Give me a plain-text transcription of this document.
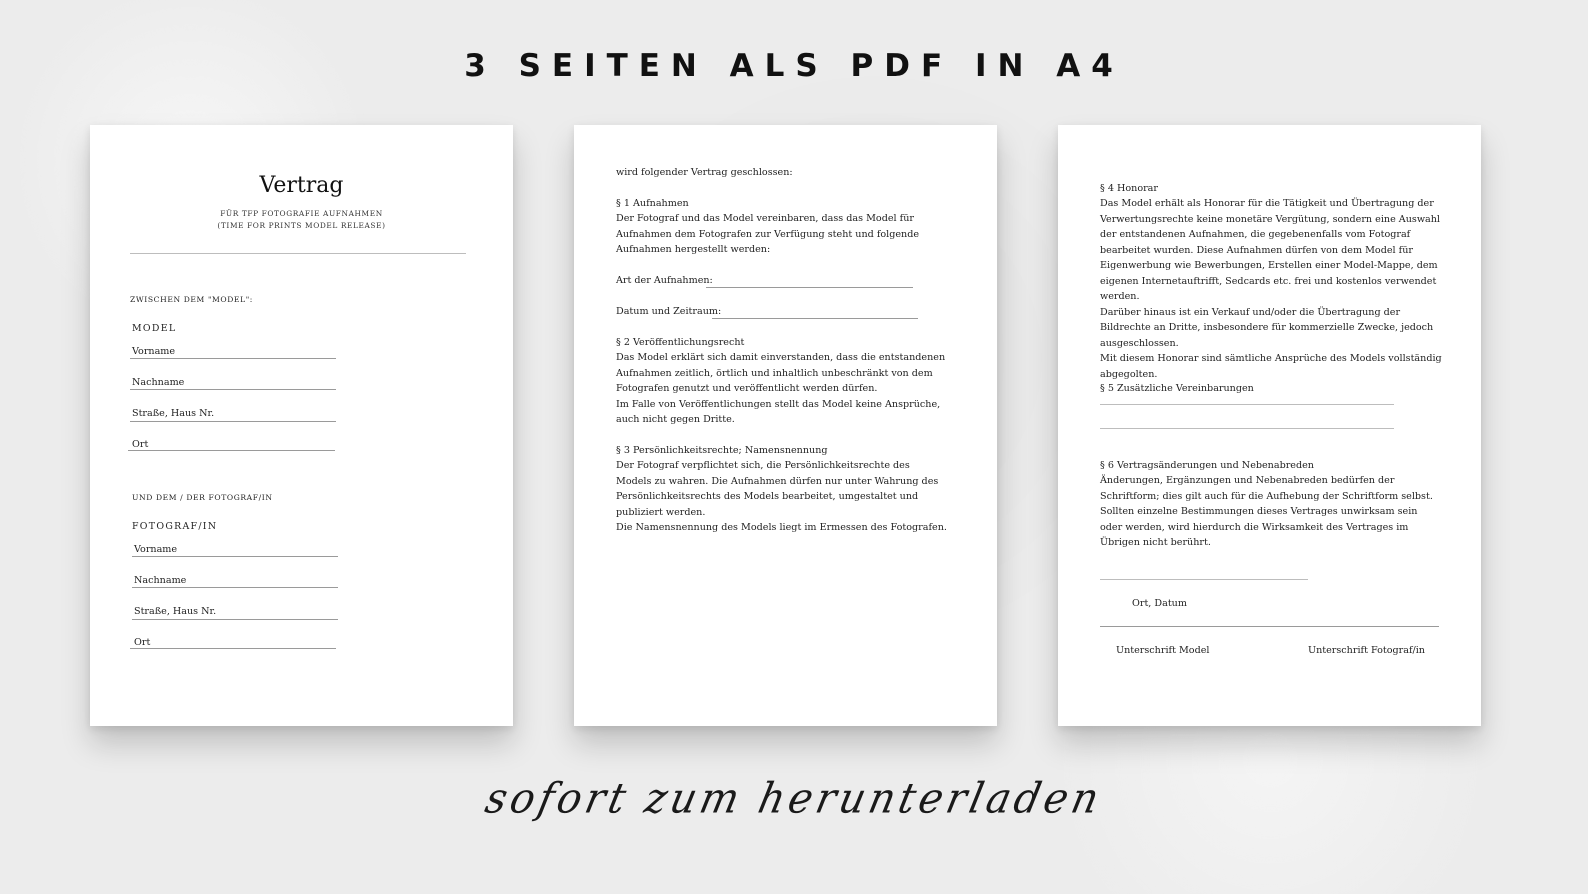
3 SEITEN ALS PDF IN A4
Vertrag
FÜR TFP FOTOGRAFIE AUFNAHMEN
(TIME FOR PRINTS MODEL RELEASE)
ZWISCHEN DEM "MODEL":
MODEL
Vorname
Nachname
Straße, Haus Nr.
Ort
UND DEM / DER FOTOGRAF/IN
FOTOGRAF/IN
Vorname
Nachname
Straße, Haus Nr.
Ort
wird folgender Vertrag geschlossen:
§ 1 Aufnahmen

Der Fotograf und das Model vereinbaren, dass das Model für Aufnahmen dem Fotografen zur Verfügung steht und folgende Aufnahmen hergestellt werden:

Art der Aufnahmen:
Datum und Zeitraum:
§ 2 Veröffentlichungsrecht

Das Model erklärt sich damit einverstanden, dass die entstandenen Aufnahmen zeitlich, örtlich und inhaltlich unbeschränkt von dem Fotografen genutzt und veröffentlicht werden dürfen.

Im Falle von Veröffentlichungen stellt das Model keine Ansprüche, auch nicht gegen Dritte.

§ 3 Persönlichkeitsrechte; Namensnennung

Der Fotograf verpflichtet sich, die Persönlichkeitsrechte des Models zu wahren. Die Aufnahmen dürfen nur unter Wahrung des Persönlichkeitsrechts des Models bearbeitet, umgestaltet und publiziert werden.

Die Namensnennung des Models liegt im Ermessen des Fotografen.

§ 4 Honorar

Das Model erhält als Honorar für die Tätigkeit und Übertragung der Verwertungsrechte keine monetäre Vergütung, sondern eine Auswahl der entstandenen Aufnahmen, die gegebenenfalls vom Fotograf bearbeitet wurden. Diese Aufnahmen dürfen von dem Model für Eigenwerbung wie Bewerbungen, Erstellen einer Model-Mappe, dem eigenen Internetauftrifft, Sedcards etc. frei und kostenlos verwendet werden.

Darüber hinaus ist ein Verkauf und/oder die Übertragung der Bildrechte an Dritte, insbesondere für kommerzielle Zwecke, jedoch ausgeschlossen.

Mit diesem Honorar sind sämtliche Ansprüche des Models vollständig abgegolten.

§ 5 Zusätzliche Vereinbarungen
§ 6 Vertragsänderungen und Nebenabreden

Änderungen, Ergänzungen und Nebenabreden bedürfen der Schriftform; dies gilt auch für die Aufhebung der Schriftform selbst.

Sollten einzelne Bestimmungen dieses Vertrages unwirksam sein oder werden, wird hierdurch die Wirksamkeit des Vertrages im Übrigen nicht berührt.

Ort, Datum
Unterschrift Model	Unterschrift Fotograf/in
sofort zum herunterladen
